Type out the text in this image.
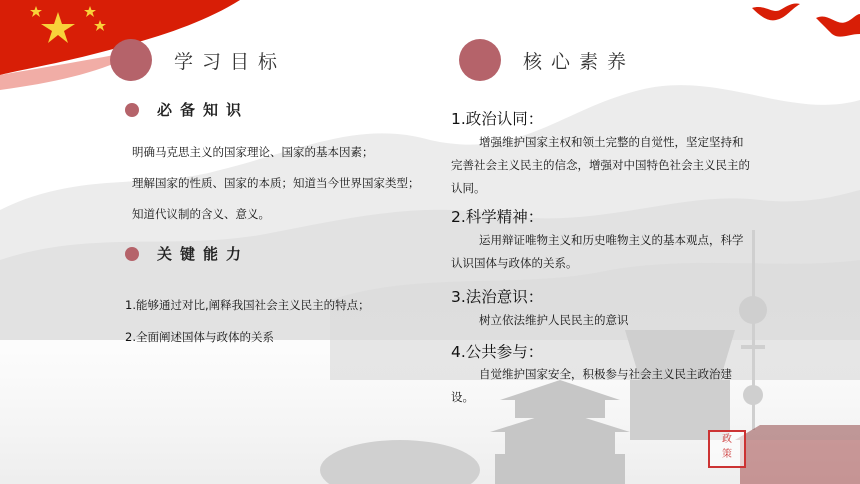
学习目标
必备知识
明确马克思主义的国家理论、国家的基本因素；
理解国家的性质、国家的本质；知道当今世界国家类型；
知道代议制的含义、意义。
关键能力
1.能够通过对比,阐释我国社会主义民主的特点；
2.全面阐述国体与政体的关系
核心素养
1.政治认同：
增强维护国家主权和领土完整的自觉性，坚定坚持和完善社会主义民主的信念，增强对中国特色社会主义民主的认同。
2.科学精神：
运用辩证唯物主义和历史唯物主义的基本观点，科学认识国体与政体的关系。
3.法治意识：
树立依法维护人民民主的意识
4.公共参与：
自觉维护国家安全，积极参与社会主义民主政治建设。
政
策
